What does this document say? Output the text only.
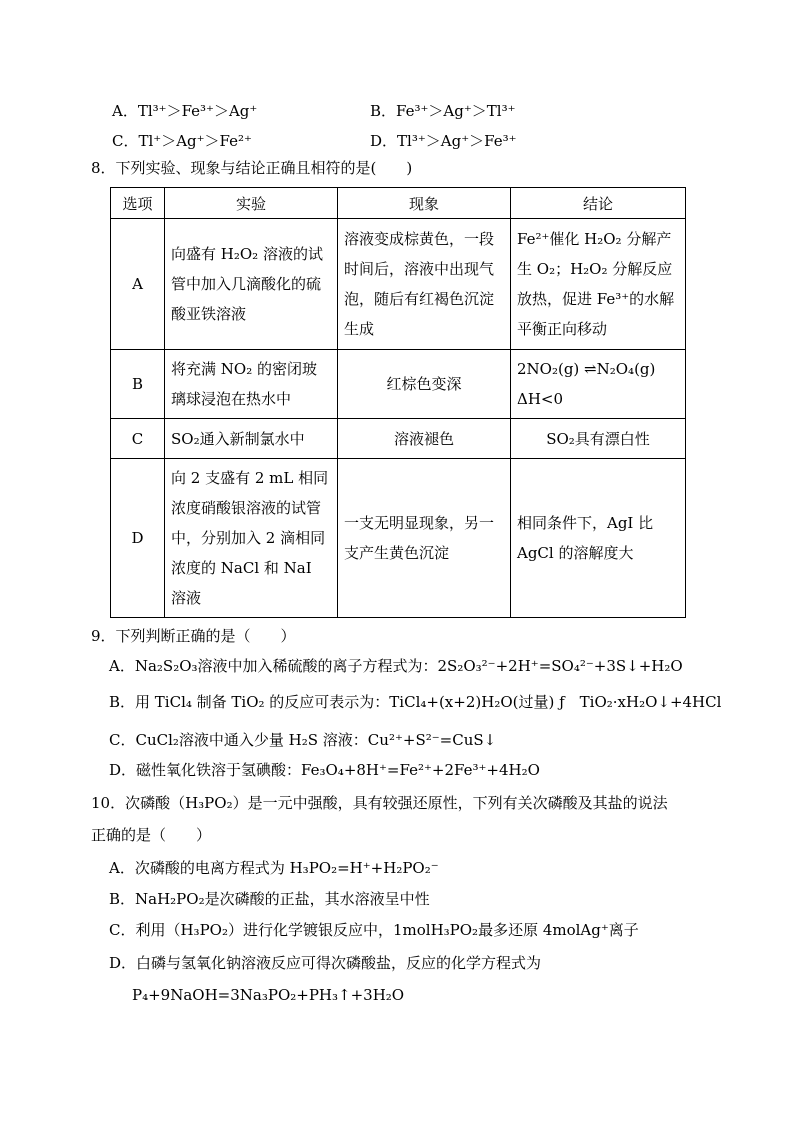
A．Tl³⁺＞Fe³⁺＞Ag⁺	B．Fe³⁺＞Ag⁺＞Tl³⁺
C．Tl⁺＞Ag⁺＞Fe²⁺	D．Tl³⁺＞Ag⁺＞Fe³⁺
8．下列实验、现象与结论正确且相符的是(　　)
选项	实验	现象	结论
A	向盛有 H₂O₂ 溶液的试管中加入几滴酸化的硫酸亚铁溶液	溶液变成棕黄色，一段时间后，溶液中出现气泡，随后有红褐色沉淀生成	Fe²⁺催化 H₂O₂ 分解产生 O₂；H₂O₂ 分解反应放热，促进 Fe³⁺的水解平衡正向移动
B	将充满 NO₂ 的密闭玻璃球浸泡在热水中	红棕色变深	2NO₂(g) ⇌N₂O₄(g) ΔH<0
C	SO₂通入新制氯水中	溶液褪色	SO₂具有漂白性
D	向 2 支盛有 2 mL 相同浓度硝酸银溶液的试管中，分别加入 2 滴相同浓度的 NaCl 和 NaI 溶液	一支无明显现象，另一支产生黄色沉淀	相同条件下，AgI 比 AgCl 的溶解度大
9．下列判断正确的是（　　）
A．Na₂S₂O₃溶液中加入稀硫酸的离子方程式为：2S₂O₃²⁻+2H⁺=SO₄²⁻+3S↓+H₂O
B．用 TiCl₄ 制备 TiO₂ 的反应可表示为：TiCl₄+(x+2)H₂O(过量) ƒ　TiO₂·xH₂O↓+4HCl
C．CuCl₂溶液中通入少量 H₂S 溶液：Cu²⁺+S²⁻=CuS↓
D．磁性氧化铁溶于氢碘酸：Fe₃O₄+8H⁺=Fe²⁺+2Fe³⁺+4H₂O
10．次磷酸（H₃PO₂）是一元中强酸，具有较强还原性，下列有关次磷酸及其盐的说法
正确的是（　　）
A．次磷酸的电离方程式为 H₃PO₂=H⁺+H₂PO₂⁻
B．NaH₂PO₂是次磷酸的正盐，其水溶液呈中性
C．利用（H₃PO₂）进行化学镀银反应中，1molH₃PO₂最多还原 4molAg⁺离子
D．白磷与氢氧化钠溶液反应可得次磷酸盐，反应的化学方程式为
P₄+9NaOH=3Na₃PO₂+PH₃↑+3H₂O
